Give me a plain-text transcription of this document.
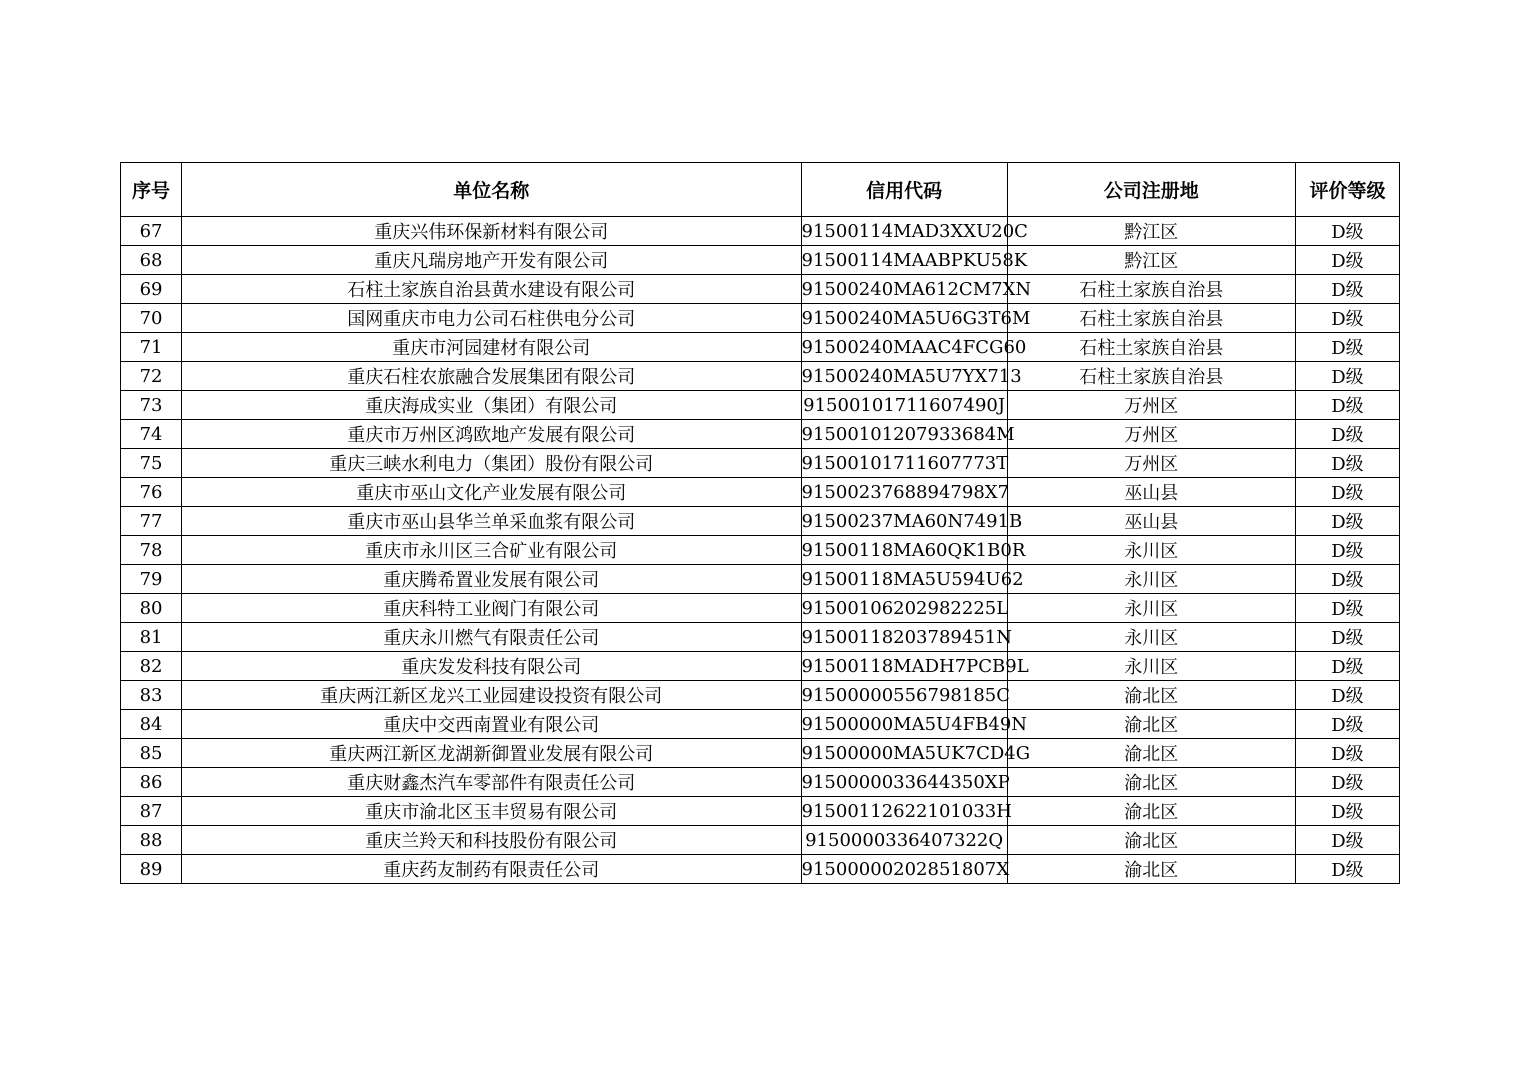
序号	单位名称	信用代码	公司注册地	评价等级
67	重庆兴伟环保新材料有限公司	91500114MAD3XXU20C	黔江区	D级
68	重庆凡瑞房地产开发有限公司	91500114MAABPKU58K	黔江区	D级
69	石柱土家族自治县黄水建设有限公司	91500240MA612CM7XN	石柱土家族自治县	D级
70	国网重庆市电力公司石柱供电分公司	91500240MA5U6G3T6M	石柱土家族自治县	D级
71	重庆市河园建材有限公司	91500240MAAC4FCG60	石柱土家族自治县	D级
72	重庆石柱农旅融合发展集团有限公司	91500240MA5U7YX713	石柱土家族自治县	D级
73	重庆海成实业（集团）有限公司	91500101711607490J	万州区	D级
74	重庆市万州区鸿欧地产发展有限公司	91500101207933684M	万州区	D级
75	重庆三峡水利电力（集团）股份有限公司	91500101711607773T	万州区	D级
76	重庆市巫山文化产业发展有限公司	9150023768894798X7	巫山县	D级
77	重庆市巫山县华兰单采血浆有限公司	91500237MA60N7491B	巫山县	D级
78	重庆市永川区三合矿业有限公司	91500118MA60QK1B0R	永川区	D级
79	重庆腾希置业发展有限公司	91500118MA5U594U62	永川区	D级
80	重庆科特工业阀门有限公司	91500106202982225L	永川区	D级
81	重庆永川燃气有限责任公司	91500118203789451N	永川区	D级
82	重庆发发科技有限公司	91500118MADH7PCB9L	永川区	D级
83	重庆两江新区龙兴工业园建设投资有限公司	91500000556798185C	渝北区	D级
84	重庆中交西南置业有限公司	91500000MA5U4FB49N	渝北区	D级
85	重庆两江新区龙湖新御置业发展有限公司	91500000MA5UK7CD4G	渝北区	D级
86	重庆财鑫杰汽车零部件有限责任公司	9150000033644350XP	渝北区	D级
87	重庆市渝北区玉丰贸易有限公司	91500112622101033H	渝北区	D级
88	重庆兰羚天和科技股份有限公司	9150000336407322Q	渝北区	D级
89	重庆药友制药有限责任公司	91500000202851807X	渝北区	D级
